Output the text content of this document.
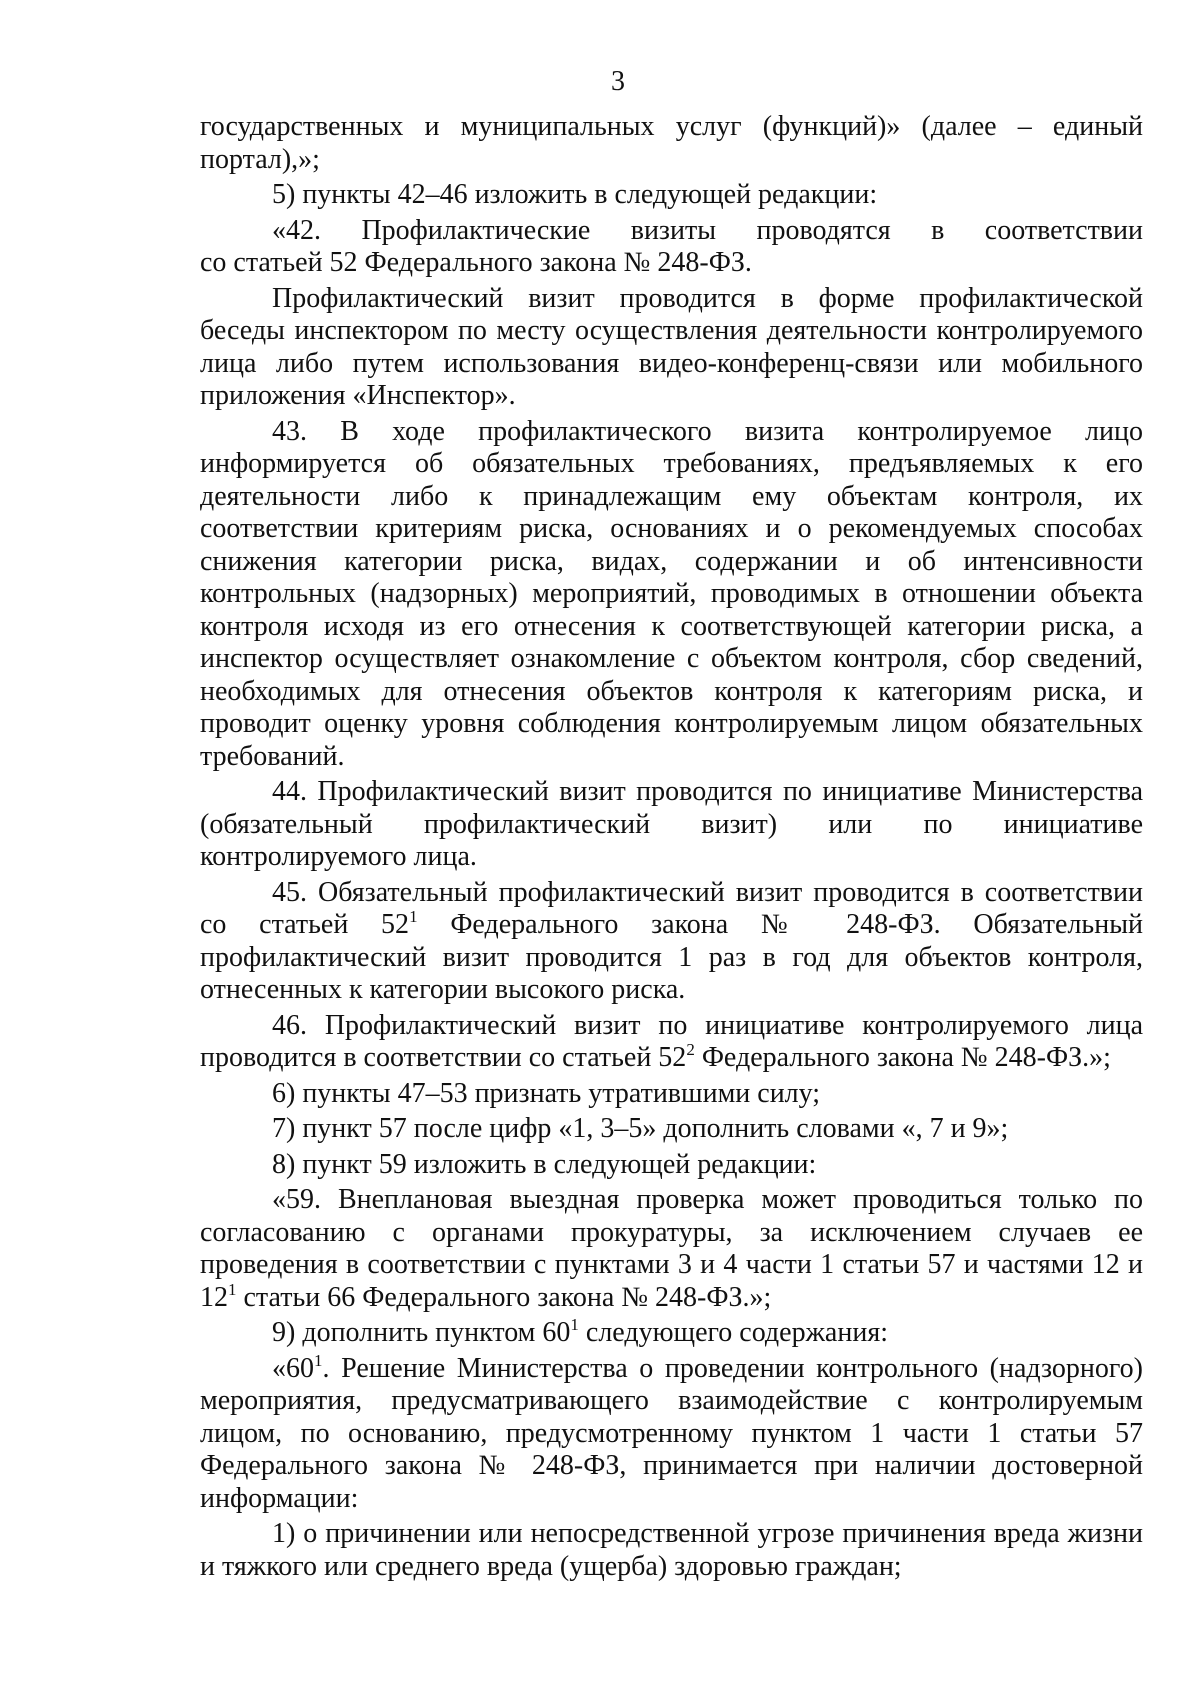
3

государственных и муниципальных услуг (функций)» (далее – единый

портал),»;

5) пункты 42–46 изложить в следующей редакции:

«42. Профилактические визиты проводятся в соответствии

со статьей 52 Федерального закона № 248-ФЗ.

Профилактический визит проводится в форме профилактической

беседы инспектором по месту осуществления деятельности контролируемого

лица либо путем использования видео-конференц-связи или мобильного

приложения «Инспектор».

43. В ходе профилактического визита контролируемое лицо

информируется об обязательных требованиях, предъявляемых к его

деятельности либо к принадлежащим ему объектам контроля, их

соответствии критериям риска, основаниях и о рекомендуемых способах

снижения категории риска, видах, содержании и об интенсивности

контрольных (надзорных) мероприятий, проводимых в отношении объекта

контроля исходя из его отнесения к соответствующей категории риска, а

инспектор осуществляет ознакомление с объектом контроля, сбор сведений,

необходимых для отнесения объектов контроля к категориям риска, и

проводит оценку уровня соблюдения контролируемым лицом обязательных

требований.

44. Профилактический визит проводится по инициативе Министерства

(обязательный профилактический визит) или по инициативе

контролируемого лица.

45. Обязательный профилактический визит проводится в соответствии

со статьей $52^1$ Федерального закона № 248-ФЗ. Обязательный

профилактический визит проводится 1 раз в год для объектов контроля,

отнесенных к категории высокого риска.

46. Профилактический визит по инициативе контролируемого лица

проводится в соответствии со статьей $52^2$ Федерального закона № 248-ФЗ.»;

6) пункты 47–53 признать утратившими силу;

7) пункт 57 после цифр «1, 3–5» дополнить словами «, 7 и 9»;

8) пункт 59 изложить в следующей редакции:

«59. Внеплановая выездная проверка может проводиться только по

согласованию с органами прокуратуры, за исключением случаев ее

проведения в соответствии с пунктами 3 и 4 части 1 статьи 57 и частями 12 и

$12^1$ статьи 66 Федерального закона № 248-ФЗ.»;

9) дополнить пунктом $60^1$ следующего содержания:

«$60^1$. Решение Министерства о проведении контрольного (надзорного)

мероприятия, предусматривающего взаимодействие с контролируемым

лицом, по основанию, предусмотренному пунктом 1 части 1 статьи 57

Федерального закона № 248-ФЗ, принимается при наличии достоверной

информации:

1) о причинении или непосредственной угрозе причинения вреда жизни

и тяжкого или среднего вреда (ущерба) здоровью граждан;
